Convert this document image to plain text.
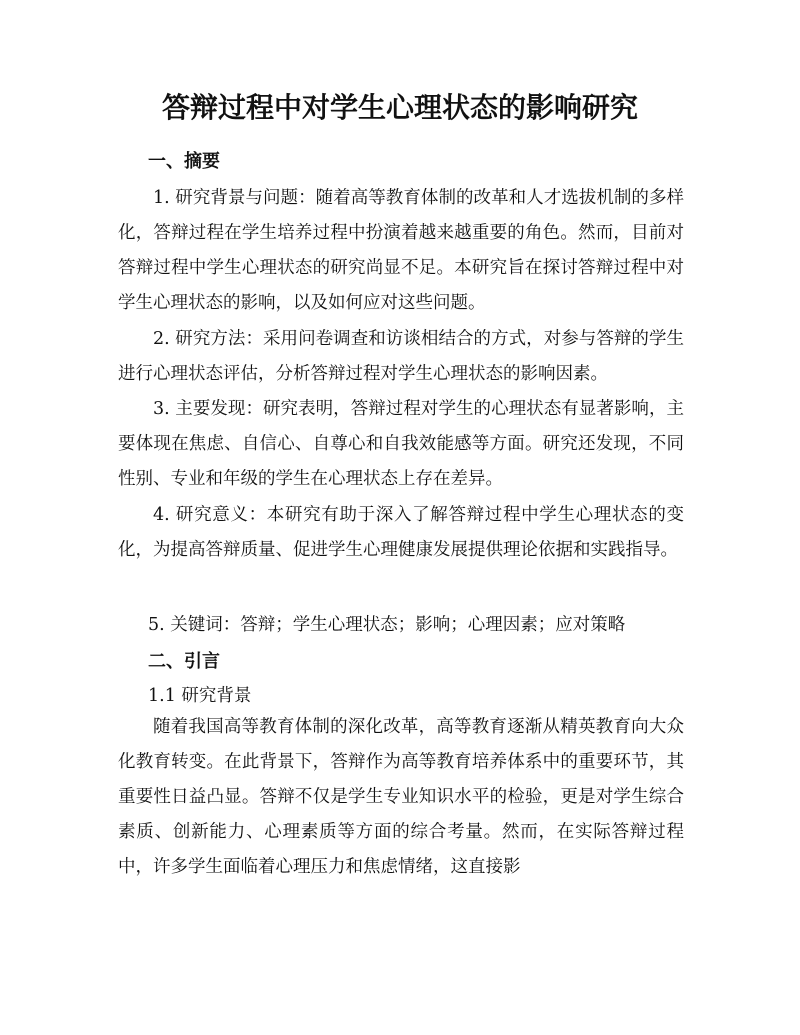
答辩过程中对学生心理状态的影响研究
一、摘要
1. 研究背景与问题：随着高等教育体制的改革和人才选拔机制的多样化，答辩过程在学生培养过程中扮演着越来越重要的角色。然而，目前对答辩过程中学生心理状态的研究尚显不足。本研究旨在探讨答辩过程中对学生心理状态的影响，以及如何应对这些问题。
2. 研究方法：采用问卷调查和访谈相结合的方式，对参与答辩的学生进行心理状态评估，分析答辩过程对学生心理状态的影响因素。
3. 主要发现：研究表明，答辩过程对学生的心理状态有显著影响，主要体现在焦虑、自信心、自尊心和自我效能感等方面。研究还发现，不同性别、专业和年级的学生在心理状态上存在差异。
4. 研究意义：本研究有助于深入了解答辩过程中学生心理状态的变化，为提高答辩质量、促进学生心理健康发展提供理论依据和实践指导。
5. 关键词：答辩；学生心理状态；影响；心理因素；应对策略
二、引言
1.1 研究背景
随着我国高等教育体制的深化改革，高等教育逐渐从精英教育向大众化教育转变。在此背景下，答辩作为高等教育培养体系中的重要环节，其重要性日益凸显。答辩不仅是学生专业知识水平的检验，更是对学生综合素质、创新能力、心理素质等方面的综合考量。然而，在实际答辩过程中，许多学生面临着心理压力和焦虑情绪，这直接影
